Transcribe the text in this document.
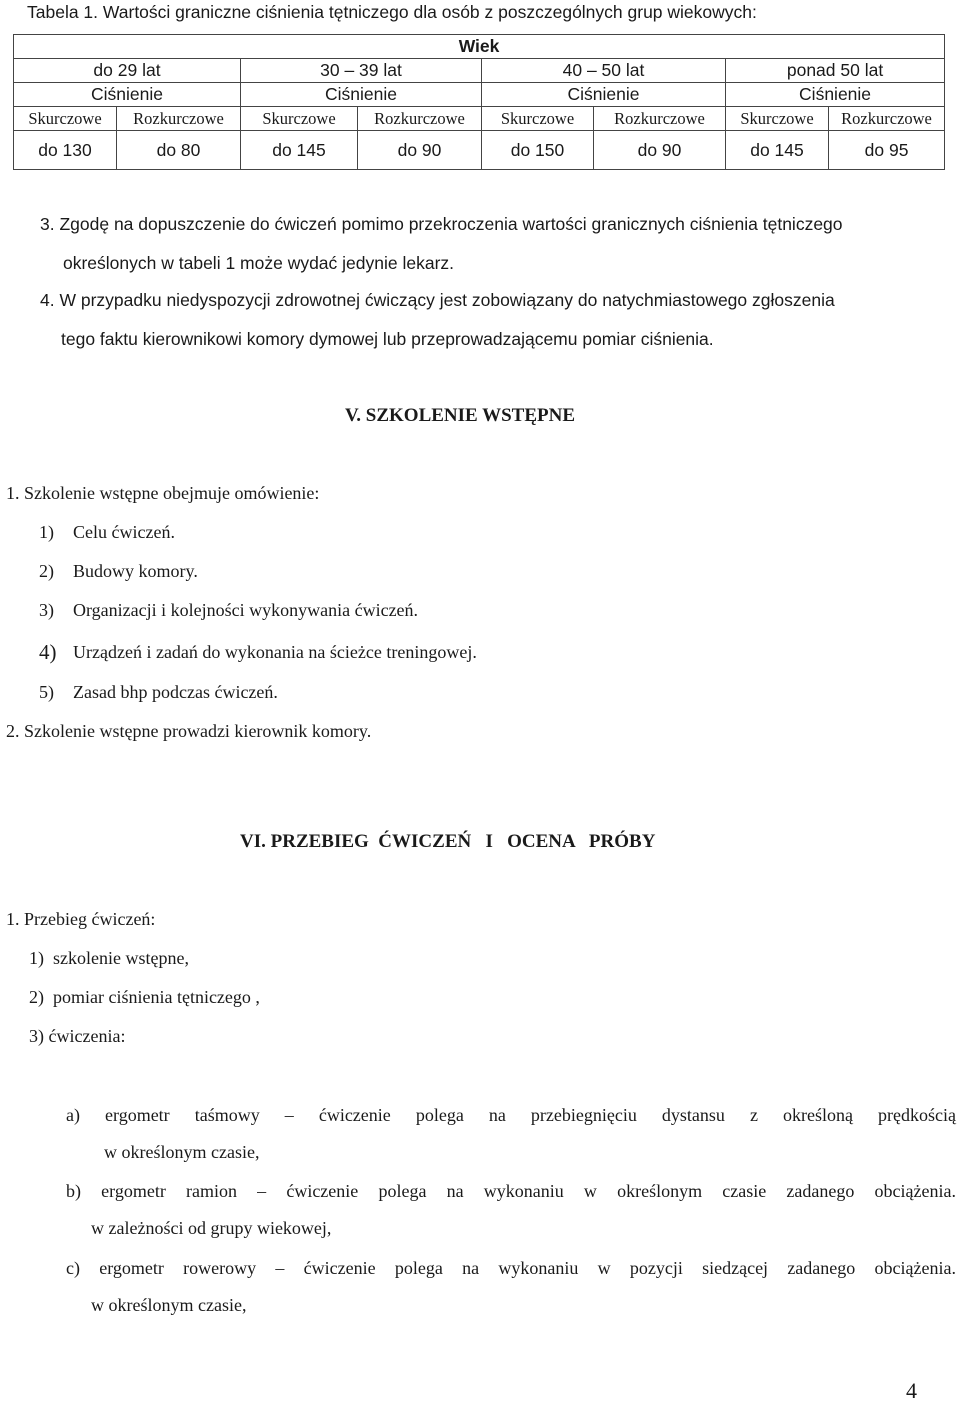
Tabela 1. Wartości graniczne ciśnienia tętniczego dla osób z poszczególnych grup wiekowych:
Wiek							
do 29 lat		30 – 39 lat		40 – 50 lat		ponad 50 lat	
Ciśnienie		Ciśnienie		Ciśnienie		Ciśnienie	
Skurczowe	Rozkurczowe	Skurczowe	Rozkurczowe	Skurczowe	Rozkurczowe	Skurczowe	Rozkurczowe
do 130	do 80	do 145	do 90	do 150	do 90	do 145	do 95
3. Zgodę na dopuszczenie do ćwiczeń pomimo przekroczenia wartości granicznych ciśnienia tętniczego
określonych w tabeli 1 może wydać jedynie lekarz.
4. W przypadku niedyspozycji zdrowotnej ćwiczący jest zobowiązany do natychmiastowego zgłoszenia
tego faktu kierownikowi komory dymowej lub przeprowadzającemu pomiar ciśnienia.
V. SZKOLENIE WSTĘPNE
1. Szkolenie wstępne obejmuje omówienie:
1) Celu ćwiczeń.
2) Budowy komory.
3) Organizacji i kolejności wykonywania ćwiczeń.
4) Urządzeń i zadań do wykonania na ścieżce treningowej.
5) Zasad bhp podczas ćwiczeń.
2. Szkolenie wstępne prowadzi kierownik komory.
VI. PRZEBIEG  ĆWICZEŃ   I   OCENA   PRÓBY
1. Przebieg ćwiczeń:
1)  szkolenie wstępne,
2)  pomiar ciśnienia tętniczego ,
3) ćwiczenia:
a) ergometr taśmowy – ćwiczenie polega na przebiegnięciu dystansu z określoną prędkością
w określonym czasie,
b) ergometr ramion – ćwiczenie polega na wykonaniu w określonym czasie zadanego obciążenia.
w zależności od grupy wiekowej,
c) ergometr rowerowy – ćwiczenie polega na wykonaniu w pozycji siedzącej zadanego obciążenia.
w określonym czasie,
4
